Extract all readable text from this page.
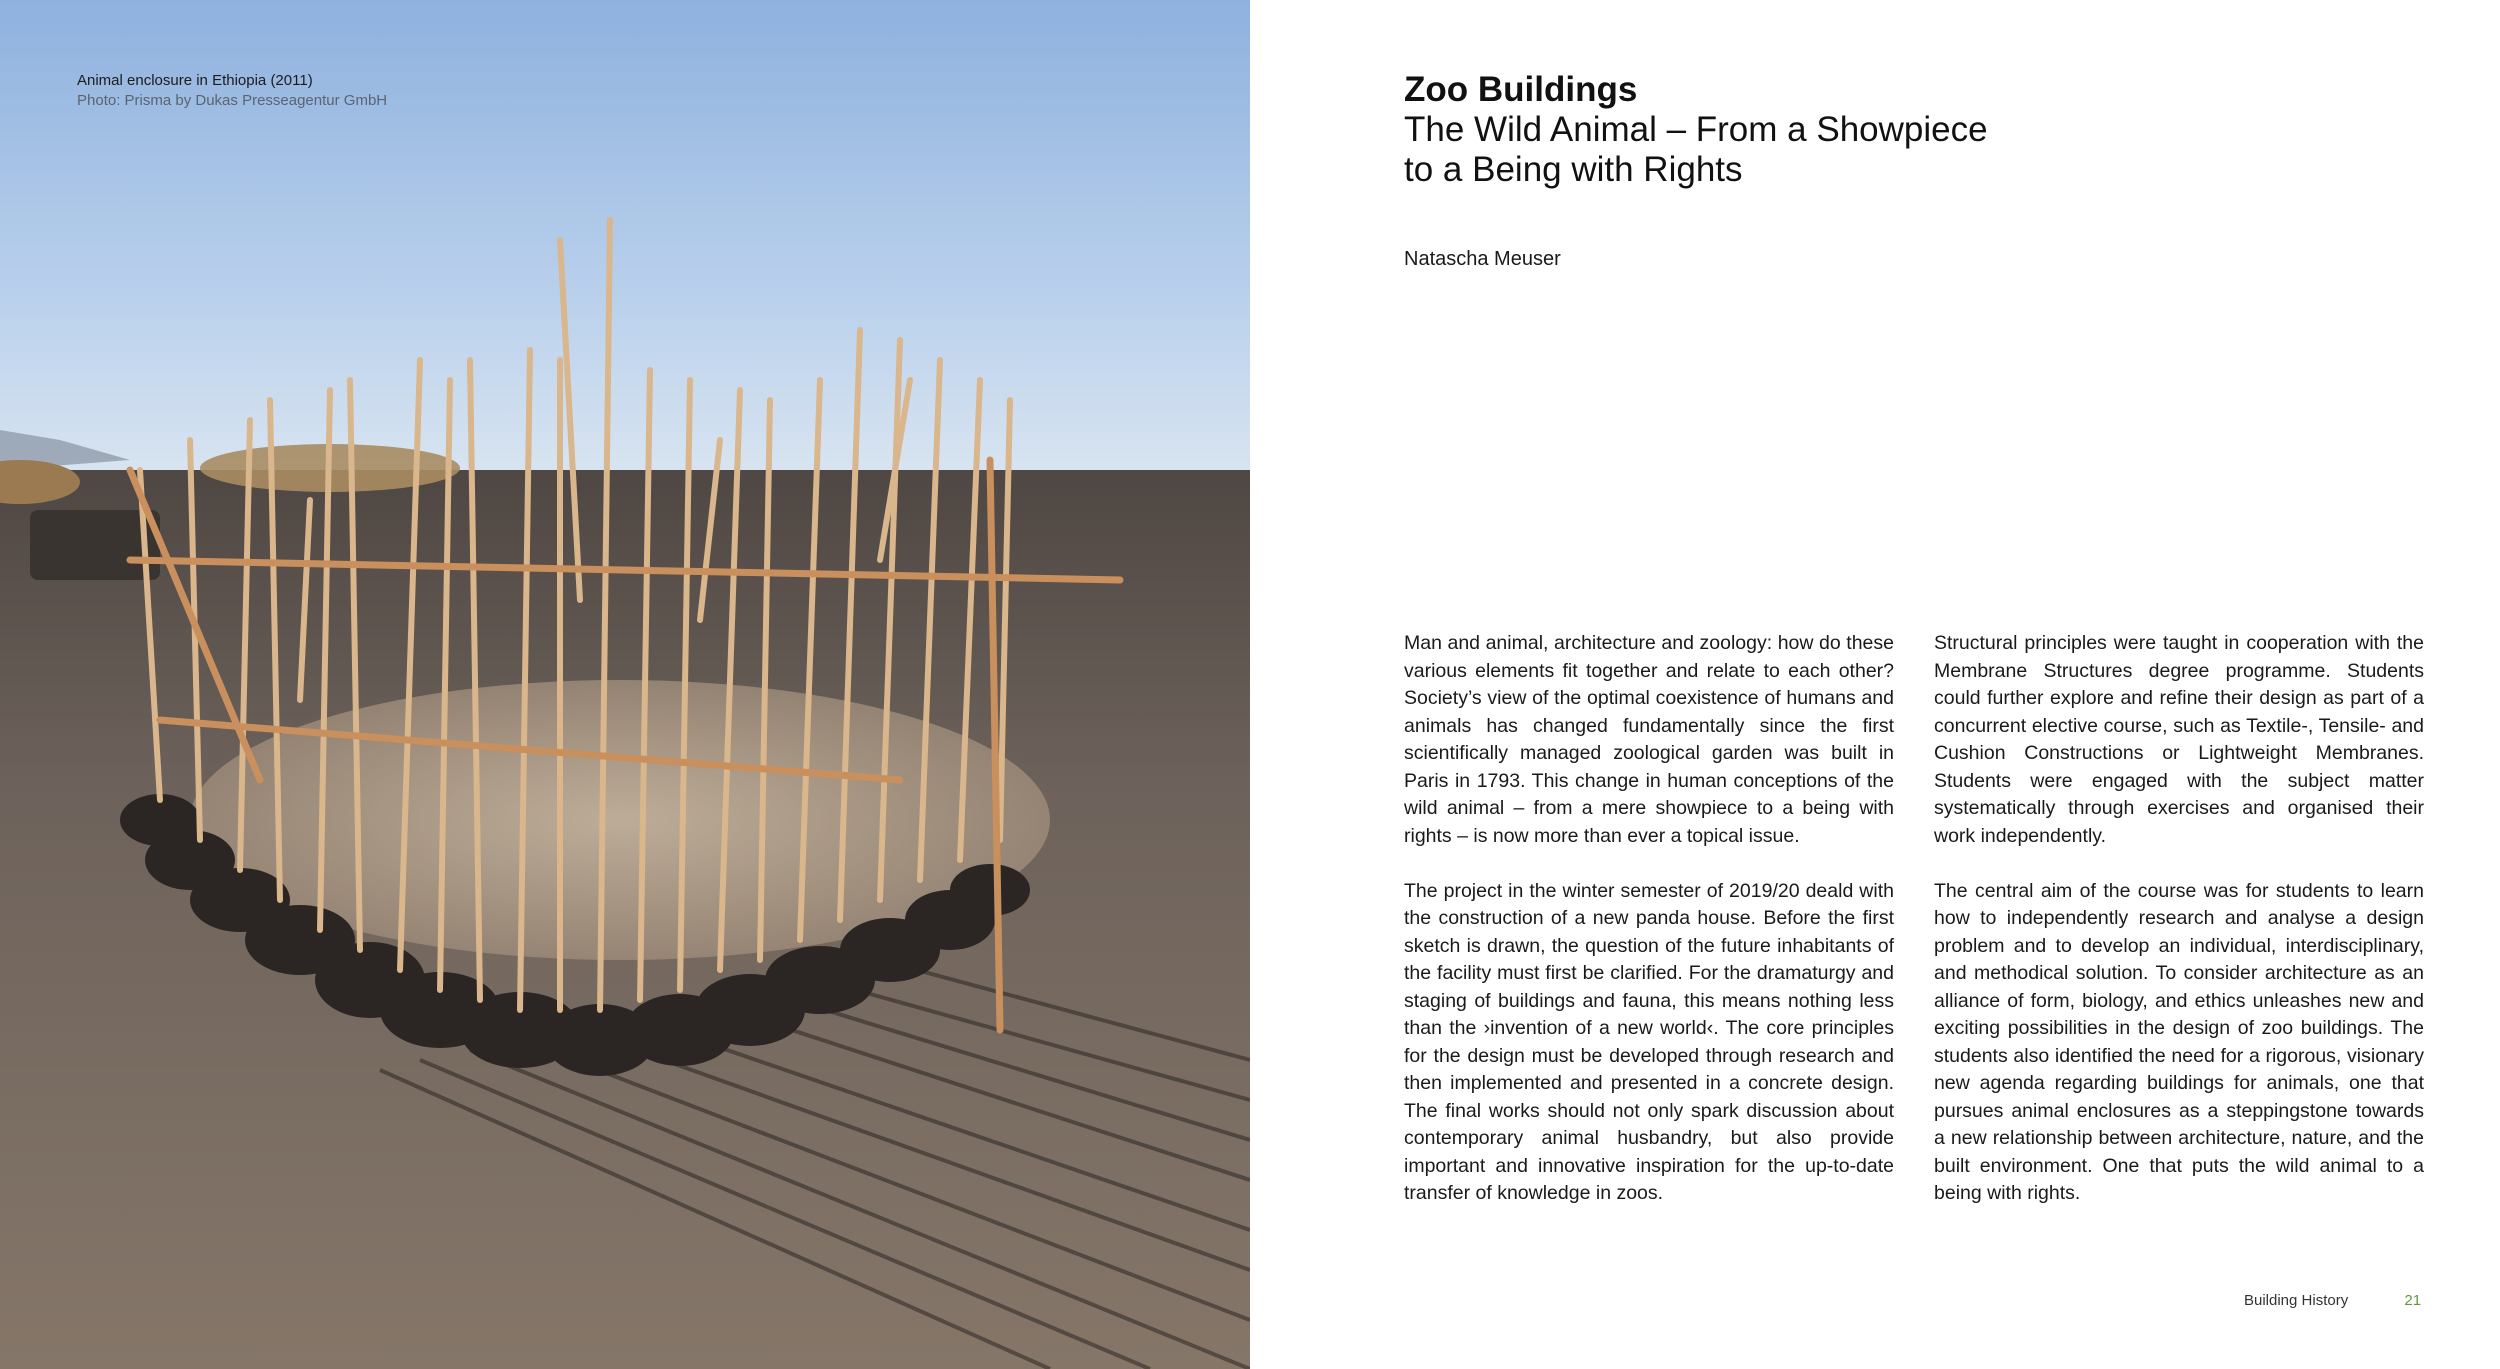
Animal enclosure in Ethiopia (2011)
Photo: Prisma by Dukas Presseagentur GmbH	Zoo Buildings
The Wild Animal – From a Showpiece
to a Being with Rights
Natascha Meuser

Man and animal, architecture and zoology: how do these various elements fit together and relate to each other? Society’s view of the optimal coexistence of humans and animals has changed fundamentally since the first scientifically managed zoological garden was built in Paris in 1793. This change in human conceptions of the wild animal – from a mere showpiece to a being with rights – is now more than ever a topical issue.

The project in the winter semester of 2019/20 deald with the construction of a new panda house. Before the first sketch is drawn, the question of the future inhabitants of the facility must first be clarified. For the dramaturgy and staging of buildings and fauna, this means nothing less than the ›invention of a new world‹. The core principles for the design must be developed through research and then implemented and presented in a concrete design. The final works should not only spark discussion about contemporary animal husbandry, but also provide important and innovative inspiration for the up-to-date transfer of knowledge in zoos.

Structural principles were taught in cooperation with the Membrane Structures degree programme. Students could further explore and refine their design as part of a concurrent elective course, such as Textile-, Tensile- and Cushion Constructions or Lightweight Membranes. Students were engaged with the subject matter systematically through exercises and organised their work independently.

The central aim of the course was for students to learn how to independently research and analyse a design problem and to develop an individual, interdisciplinary, and methodical solution. To consider architecture as an alliance of form, biology, and ethics unleashes new and exciting possibilities in the design of zoo buildings. The students also identified the need for a rigorous, visionary new agenda regarding buildings for animals, one that pursues animal enclosures as a steppingstone towards a new relationship between architecture, nature, and the built environment. One that puts the wild animal to a being with rights.

Building History	21
